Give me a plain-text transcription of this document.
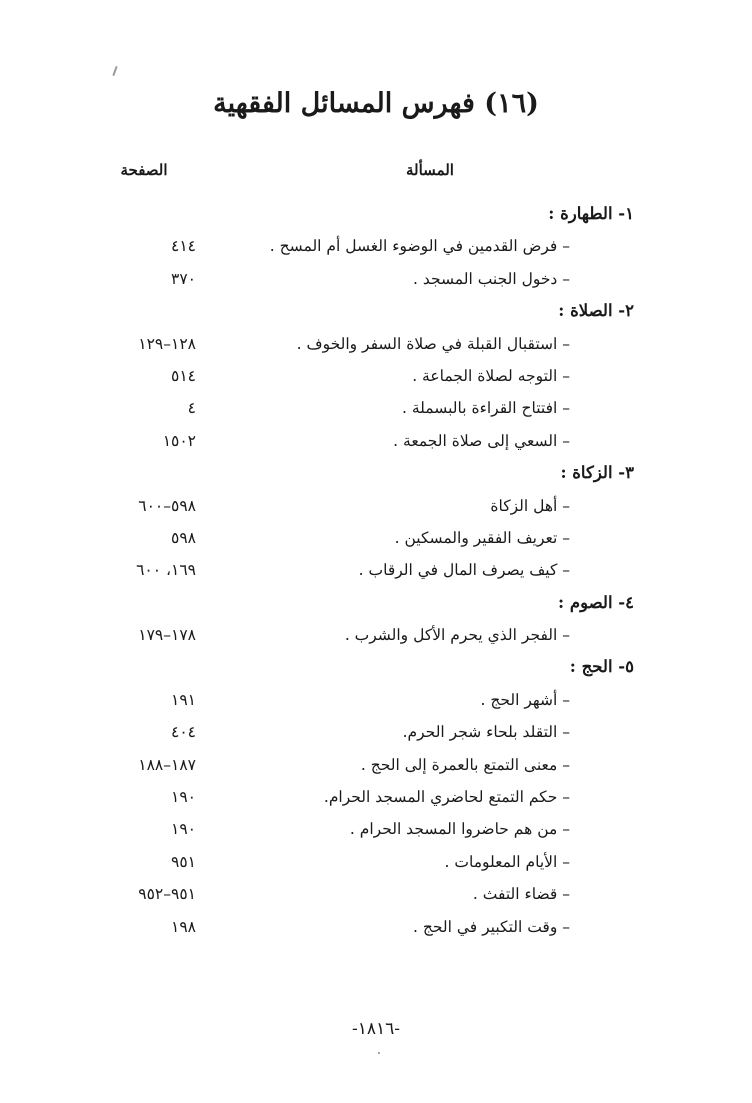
(١٦) فهرس المسائل الفقهية
المسألة
الصفحة
١- الطهارة :
– فرض القدمين في الوضوء الغسل أم المسح .
٤١٤
– دخول الجنب المسجد .
٣٧٠
٢- الصلاة :
– استقبال القبلة في صلاة السفر والخوف .
١٢٨–١٢٩
– التوجه لصلاة الجماعة .
٥١٤
– افتتاح القراءة بالبسملة .
٤
– السعي إلى صلاة الجمعة .
١٥٠٢
٣- الزكاة :
– أهل الزكاة
٥٩٨–٦٠٠
– تعريف الفقير والمسكين .
٥٩٨
– كيف يصرف المال في الرقاب .
١٦٩، ٦٠٠
٤- الصوم :
– الفجر الذي يحرم الأكل والشرب .
١٧٨–١٧٩
٥- الحج :
– أشهر الحج .
١٩١
– التقلد بلحاء شجر الحرم.
٤٠٤
– معنى التمتع بالعمرة إلى الحج .
١٨٧–١٨٨
– حكم التمتع لحاضري المسجد الحرام.
١٩٠
– من هم حاضروا المسجد الحرام .
١٩٠
– الأيام المعلومات .
٩٥١
– قضاء التفث .
٩٥١–٩٥٢
– وقت التكبير في الحج .
١٩٨
-١٨١٦-
